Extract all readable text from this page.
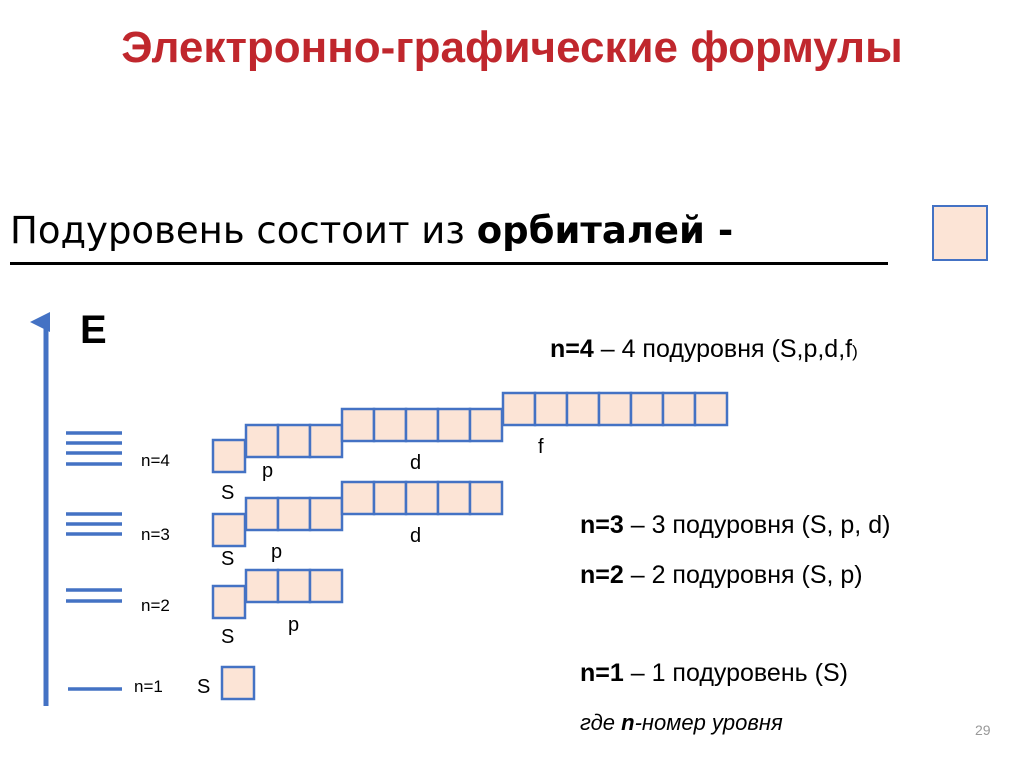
Электронно-графические формулы
Подуровень состоит из орбиталей -
E
n=4
n=3
n=2
n=1
S
p	d
f
S p
d
S
p
S
n=4 – 4 подуровня (S,p,d,f)
n=3 – 3 подуровня (S, p, d)
n=2 – 2 подуровня (S, p)
n=1 – 1 подуровень (S)
где n-номер уровня	29
